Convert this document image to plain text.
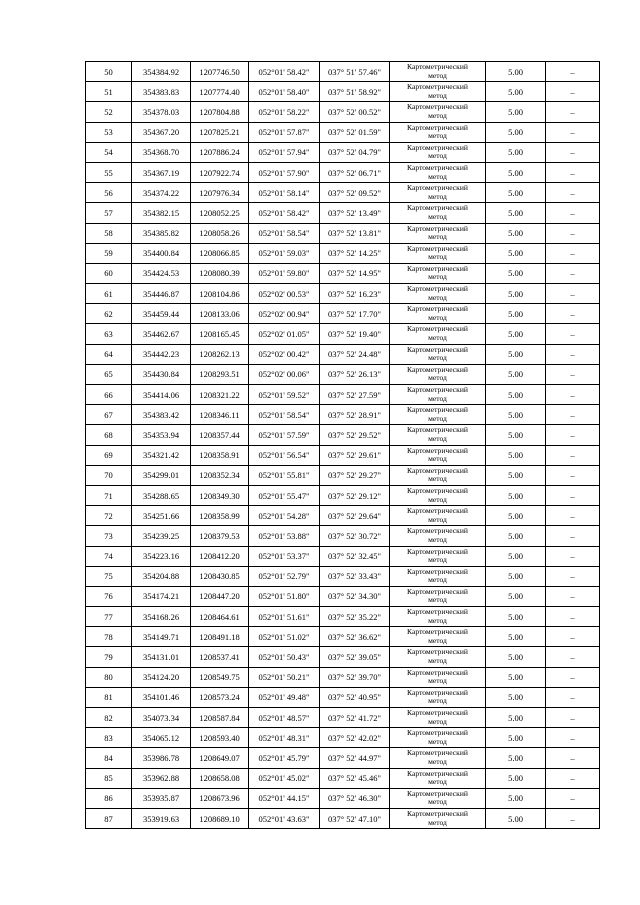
50	354384.92	1207746.50	052°01' 58.42"	037° 51' 57.46"	Картометрический
метод	5.00	–
51	354383.83	1207774.40	052°01' 58.40"	037° 51' 58.92"	Картометрический
метод	5.00	–
52	354378.03	1207804.88	052°01' 58.22"	037° 52' 00.52"	Картометрический
метод	5.00	–
53	354367.20	1207825.21	052°01' 57.87"	037° 52' 01.59"	Картометрический
метод	5.00	–
54	354368.70	1207886.24	052°01' 57.94"	037° 52' 04.79"	Картометрический
метод	5.00	–
55	354367.19	1207922.74	052°01' 57.90"	037° 52' 06.71"	Картометрический
метод	5.00	–
56	354374.22	1207976.34	052°01' 58.14"	037° 52' 09.52"	Картометрический
метод	5.00	–
57	354382.15	1208052.25	052°01' 58.42"	037° 52' 13.49"	Картометрический
метод	5.00	–
58	354385.82	1208058.26	052°01' 58.54"	037° 52' 13.81"	Картометрический
метод	5.00	–
59	354400.84	1208066.85	052°01' 59.03"	037° 52' 14.25"	Картометрический
метод	5.00	–
60	354424.53	1208080.39	052°01' 59.80"	037° 52' 14.95"	Картометрический
метод	5.00	–
61	354446.87	1208104.86	052°02' 00.53"	037° 52' 16.23"	Картометрический
метод	5.00	–
62	354459.44	1208133.06	052°02' 00.94"	037° 52' 17.70"	Картометрический
метод	5.00	–
63	354462.67	1208165.45	052°02' 01.05"	037° 52' 19.40"	Картометрический
метод	5.00	–
64	354442.23	1208262.13	052°02' 00.42"	037° 52' 24.48"	Картометрический
метод	5.00	–
65	354430.84	1208293.51	052°02' 00.06"	037° 52' 26.13"	Картометрический
метод	5.00	–
66	354414.06	1208321.22	052°01' 59.52"	037° 52' 27.59"	Картометрический
метод	5.00	–
67	354383.42	1208346.11	052°01' 58.54"	037° 52' 28.91"	Картометрический
метод	5.00	–
68	354353.94	1208357.44	052°01' 57.59"	037° 52' 29.52"	Картометрический
метод	5.00	–
69	354321.42	1208358.91	052°01' 56.54"	037° 52' 29.61"	Картометрический
метод	5.00	–
70	354299.01	1208352.34	052°01' 55.81"	037° 52' 29.27"	Картометрический
метод	5.00	–
71	354288.65	1208349.30	052°01' 55.47"	037° 52' 29.12"	Картометрический
метод	5.00	–
72	354251.66	1208358.99	052°01' 54.28"	037° 52' 29.64"	Картометрический
метод	5.00	–
73	354239.25	1208379.53	052°01' 53.88"	037° 52' 30.72"	Картометрический
метод	5.00	–
74	354223.16	1208412.20	052°01' 53.37"	037° 52' 32.45"	Картометрический
метод	5.00	–
75	354204.88	1208430.85	052°01' 52.79"	037° 52' 33.43"	Картометрический
метод	5.00	–
76	354174.21	1208447.20	052°01' 51.80"	037° 52' 34.30"	Картометрический
метод	5.00	–
77	354168.26	1208464.61	052°01' 51.61"	037° 52' 35.22"	Картометрический
метод	5.00	–
78	354149.71	1208491.18	052°01' 51.02"	037° 52' 36.62"	Картометрический
метод	5.00	–
79	354131.01	1208537.41	052°01' 50.43"	037° 52' 39.05"	Картометрический
метод	5.00	–
80	354124.20	1208549.75	052°01' 50.21"	037° 52' 39.70"	Картометрический
метод	5.00	–
81	354101.46	1208573.24	052°01' 49.48"	037° 52' 40.95"	Картометрический
метод	5.00	–
82	354073.34	1208587.84	052°01' 48.57"	037° 52' 41.72"	Картометрический
метод	5.00	–
83	354065.12	1208593.40	052°01' 48.31"	037° 52' 42.02"	Картометрический
метод	5.00	–
84	353986.78	1208649.07	052°01' 45.79"	037° 52' 44.97"	Картометрический
метод	5.00	–
85	353962.88	1208658.08	052°01' 45.02"	037° 52' 45.46"	Картометрический
метод	5.00	–
86	353935.87	1208673.96	052°01' 44.15"	037° 52' 46.30"	Картометрический
метод	5.00	–
87	353919.63	1208689.10	052°01' 43.63"	037° 52' 47.10"	Картометрический
метод	5.00	–
